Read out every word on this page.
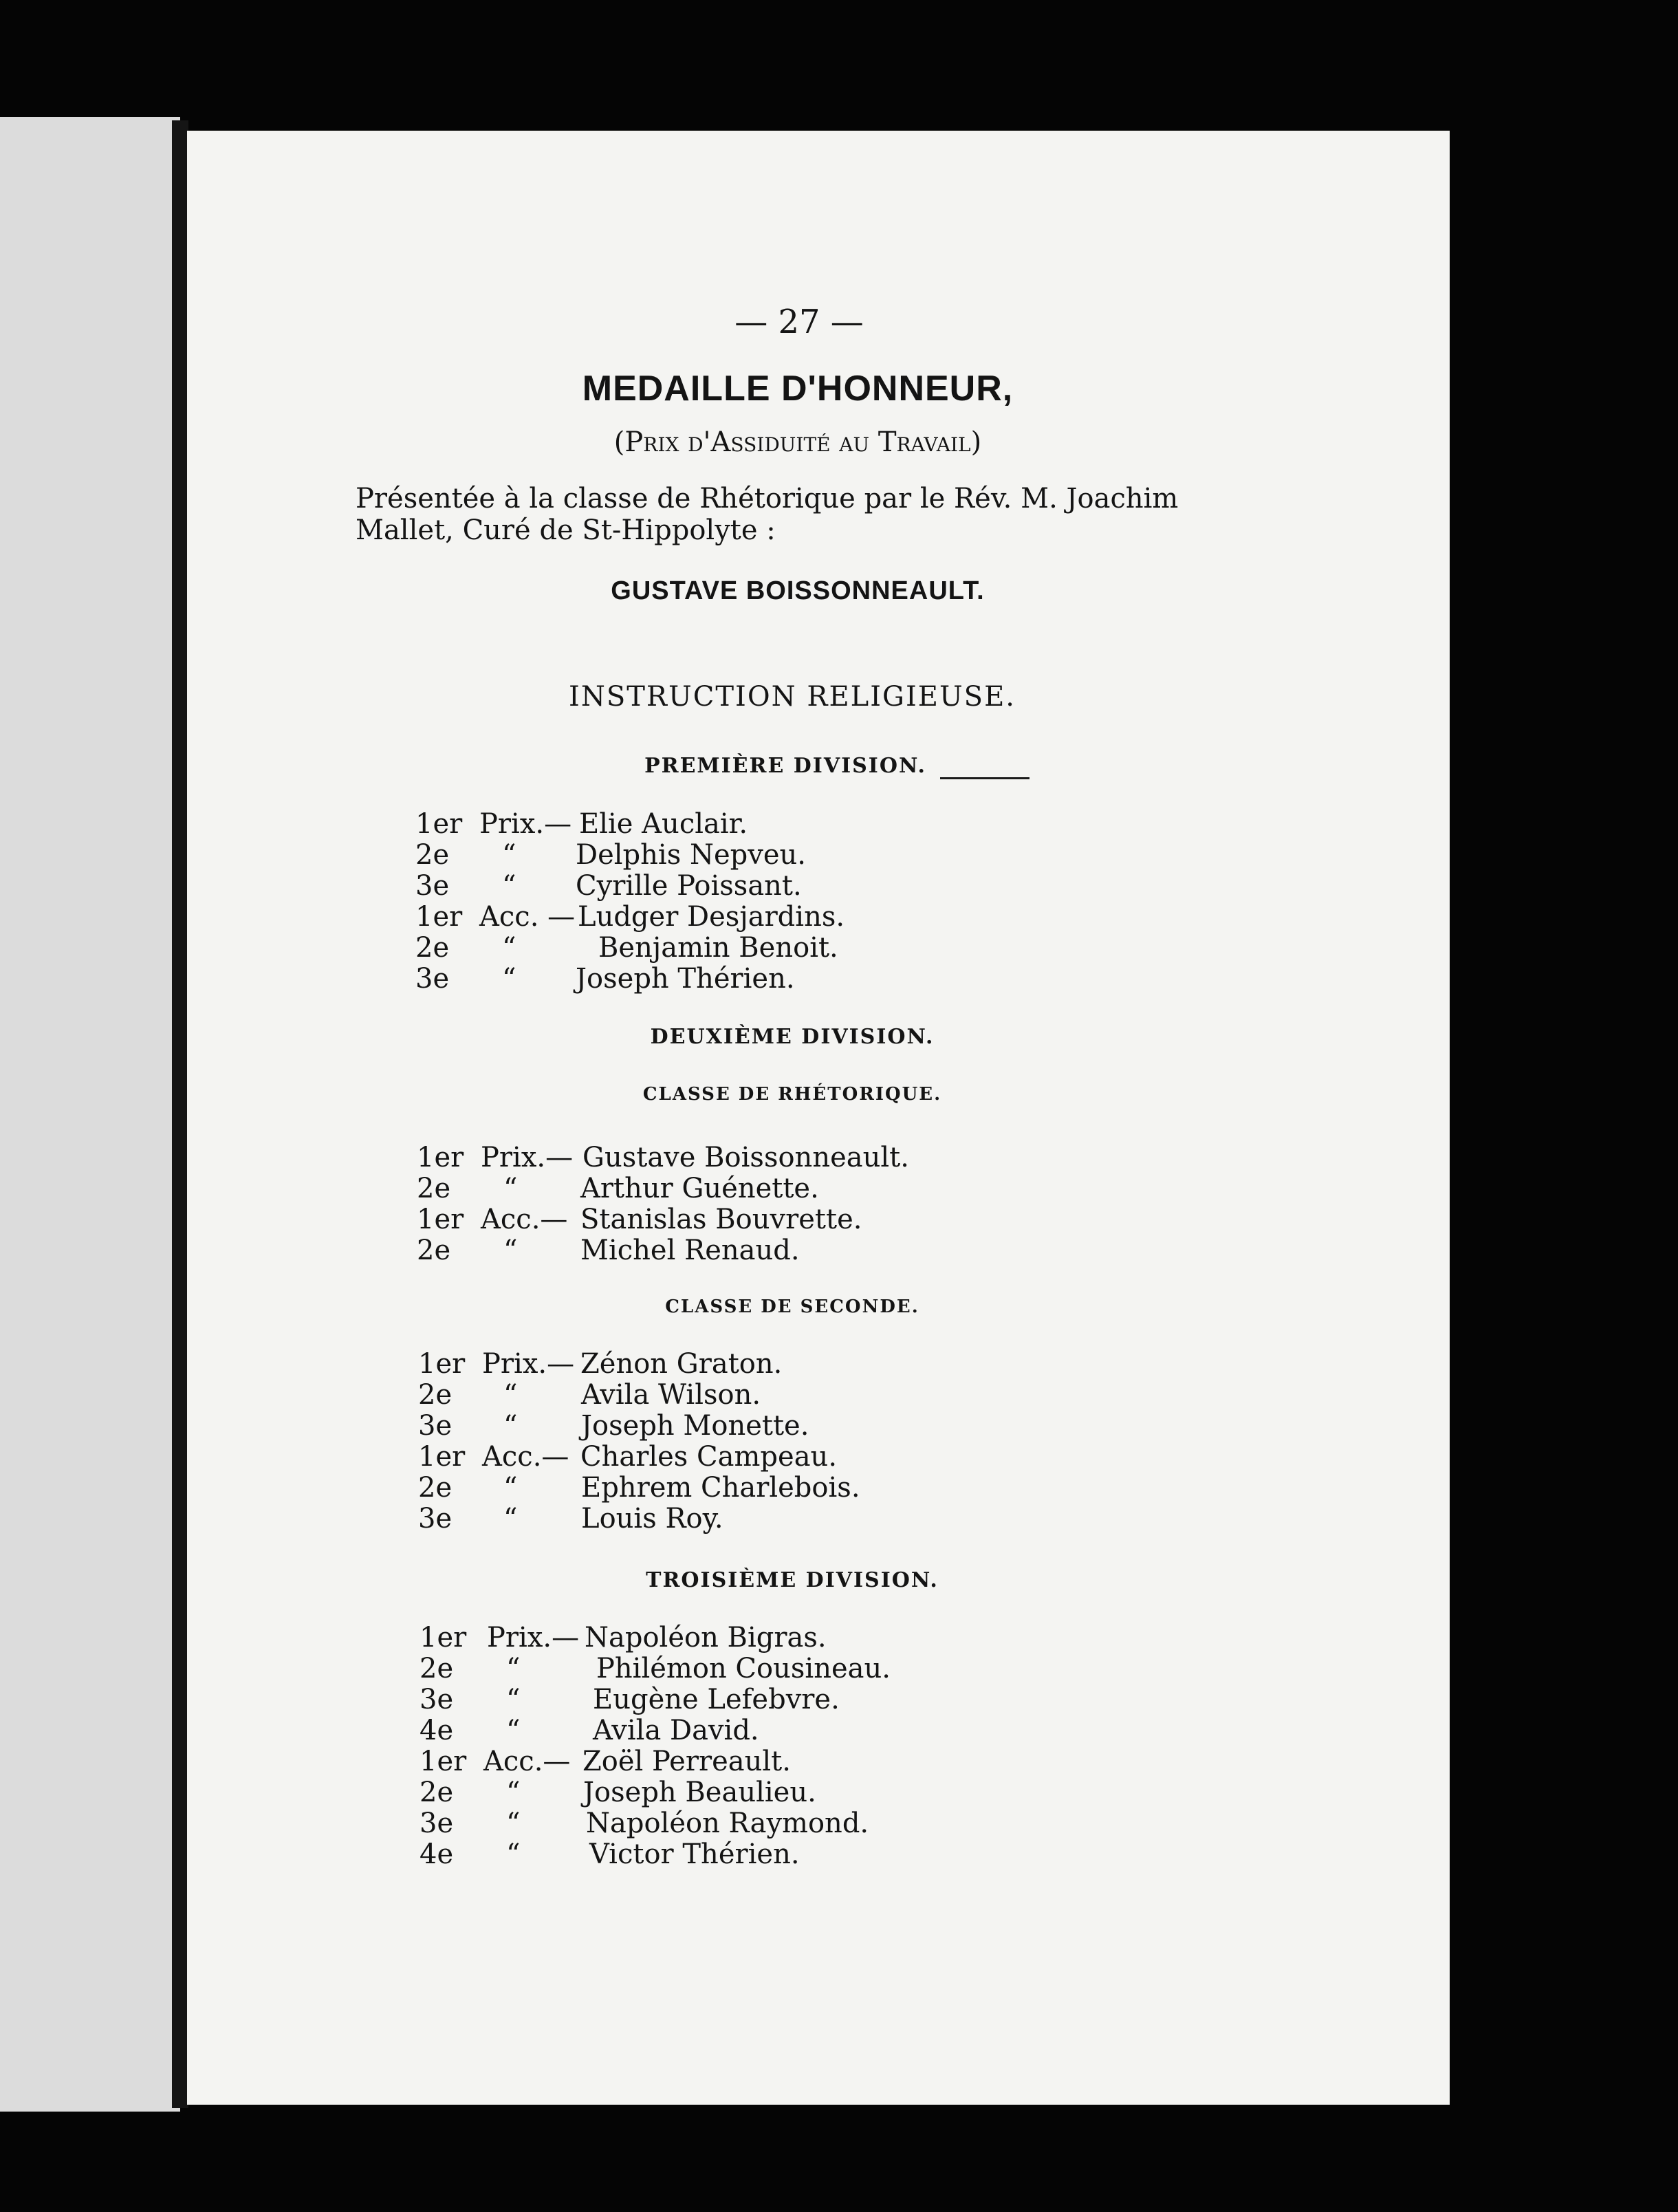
— 27 —
MEDAILLE D'HONNEUR,
(Prix d'Assiduité au Travail)
Présentée à la classe de Rhétorique par le Rév. M. Joachim Mallet, Curé de St-Hippolyte :
GUSTAVE BOISSONNEAULT.
INSTRUCTION RELIGIEUSE.
PREMIÈRE DIVISION.
1er Prix.— Elie Auclair.
2e “ Delphis Nepveu.
3e “ Cyrille Poissant.
1er Acc. — Ludger Desjardins.
2e “	Benjamin Benoit.
3e “ Joseph Thérien.
DEUXIÈME DIVISION.
CLASSE DE RHÉTORIQUE.
1er Prix.— Gustave Boissonneault.
2e “ Arthur Guénette.
1er Acc.— Stanislas Bouvrette.
2e “ Michel Renaud.
CLASSE DE SECONDE.
1er Prix.— Zénon Graton.
2e “ Avila Wilson.
3e “ Joseph Monette.
1er Acc.— Charles Campeau.
2e “ Ephrem Charlebois.
3e “ Louis Roy.
TROISIÈME DIVISION.
1er Prix.— Napoléon Bigras.
2e “	Philémon Cousineau.
3e “	Eugène Lefebvre.
4e “	Avila David.
1er Acc.— Zoël Perreault.
2e “ Joseph Beaulieu.
3e “ Napoléon Raymond.
4e “	Victor Thérien.
